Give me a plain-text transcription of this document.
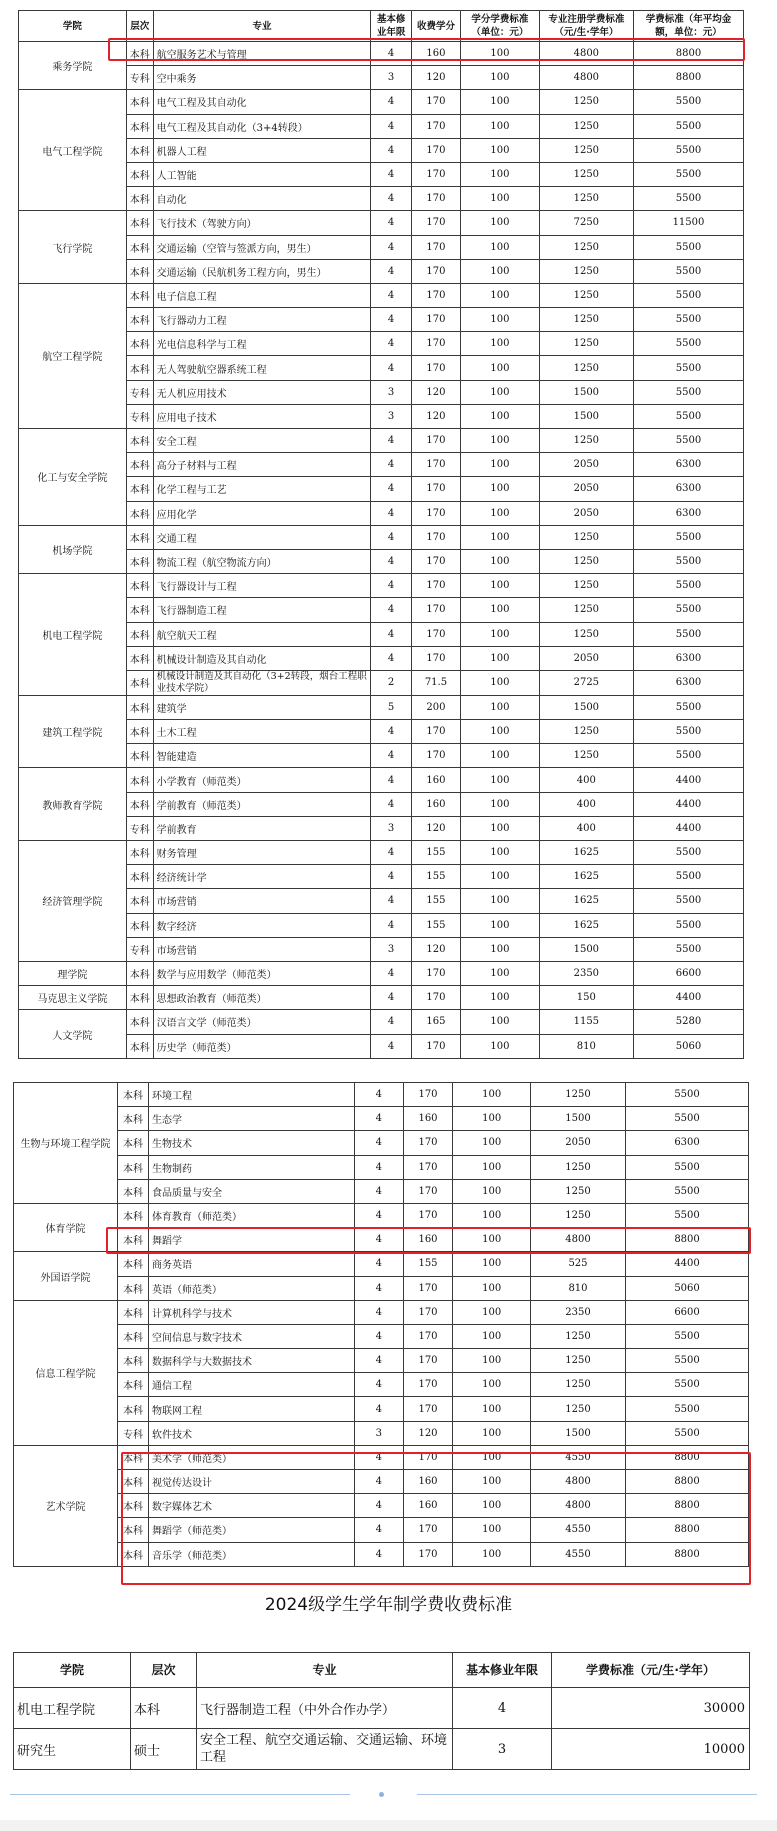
学院	层次	专业	基本修业年限	收费学分	学分学费标准（单位：元）	专业注册学费标准（元/生·学年）	学费标准（年平均金额，单位：元）
乘务学院	本科	航空服务艺术与管理	4	160	100	4800	8800
	专科	空中乘务	3	120	100	4800	8800
电气工程学院	本科	电气工程及其自动化	4	170	100	1250	5500
	本科	电气工程及其自动化（3+4转段）	4	170	100	1250	5500
	本科	机器人工程	4	170	100	1250	5500
	本科	人工智能	4	170	100	1250	5500
	本科	自动化	4	170	100	1250	5500
飞行学院	本科	飞行技术（驾驶方向）	4	170	100	7250	11500
	本科	交通运输（空管与签派方向，男生）	4	170	100	1250	5500
	本科	交通运输（民航机务工程方向，男生）	4	170	100	1250	5500
航空工程学院	本科	电子信息工程	4	170	100	1250	5500
	本科	飞行器动力工程	4	170	100	1250	5500
	本科	光电信息科学与工程	4	170	100	1250	5500
	本科	无人驾驶航空器系统工程	4	170	100	1250	5500
	专科	无人机应用技术	3	120	100	1500	5500
	专科	应用电子技术	3	120	100	1500	5500
化工与安全学院	本科	安全工程	4	170	100	1250	5500
	本科	高分子材料与工程	4	170	100	2050	6300
	本科	化学工程与工艺	4	170	100	2050	6300
	本科	应用化学	4	170	100	2050	6300
机场学院	本科	交通工程	4	170	100	1250	5500
	本科	物流工程（航空物流方向）	4	170	100	1250	5500
机电工程学院	本科	飞行器设计与工程	4	170	100	1250	5500
	本科	飞行器制造工程	4	170	100	1250	5500
	本科	航空航天工程	4	170	100	1250	5500
	本科	机械设计制造及其自动化	4	170	100	2050	6300
	本科	机械设计制造及其自动化（3+2转段，烟台工程职业技术学院）	2	71.5	100	2725	6300
建筑工程学院	本科	建筑学	5	200	100	1500	5500
	本科	土木工程	4	170	100	1250	5500
	本科	智能建造	4	170	100	1250	5500
教师教育学院	本科	小学教育（师范类）	4	160	100	400	4400
	本科	学前教育（师范类）	4	160	100	400	4400
	专科	学前教育	3	120	100	400	4400
经济管理学院	本科	财务管理	4	155	100	1625	5500
	本科	经济统计学	4	155	100	1625	5500
	本科	市场营销	4	155	100	1625	5500
	本科	数字经济	4	155	100	1625	5500
	专科	市场营销	3	120	100	1500	5500
理学院	本科	数学与应用数学（师范类）	4	170	100	2350	6600
马克思主义学院	本科	思想政治教育（师范类）	4	170	100	150	4400
人文学院	本科	汉语言文学（师范类）	4	165	100	1155	5280
	本科	历史学（师范类）	4	170	100	810	5060
生物与环境工程学院	本科	环境工程	4	170	100	1250	5500
	本科	生态学	4	160	100	1500	5500
	本科	生物技术	4	170	100	2050	6300
	本科	生物制药	4	170	100	1250	5500
	本科	食品质量与安全	4	170	100	1250	5500
体育学院	本科	体育教育（师范类）	4	170	100	1250	5500
	本科	舞蹈学	4	160	100	4800	8800
外国语学院	本科	商务英语	4	155	100	525	4400
	本科	英语（师范类）	4	170	100	810	5060
信息工程学院	本科	计算机科学与技术	4	170	100	2350	6600
	本科	空间信息与数字技术	4	170	100	1250	5500
	本科	数据科学与大数据技术	4	170	100	1250	5500
	本科	通信工程	4	170	100	1250	5500
	本科	物联网工程	4	170	100	1250	5500
	专科	软件技术	3	120	100	1500	5500
艺术学院	本科	美术学（师范类）	4	170	100	4550	8800
	本科	视觉传达设计	4	160	100	4800	8800
	本科	数字媒体艺术	4	160	100	4800	8800
	本科	舞蹈学（师范类）	4	170	100	4550	8800
	本科	音乐学（师范类）	4	170	100	4550	8800
2024级学生学年制学费收费标准
学院	层次	专业	基本修业年限	学费标准（元/生·学年）
机电工程学院	本科	飞行器制造工程（中外合作办学）	4	30000
研究生	硕士	安全工程、航空交通运输、交通运输、环境工程	3	10000
